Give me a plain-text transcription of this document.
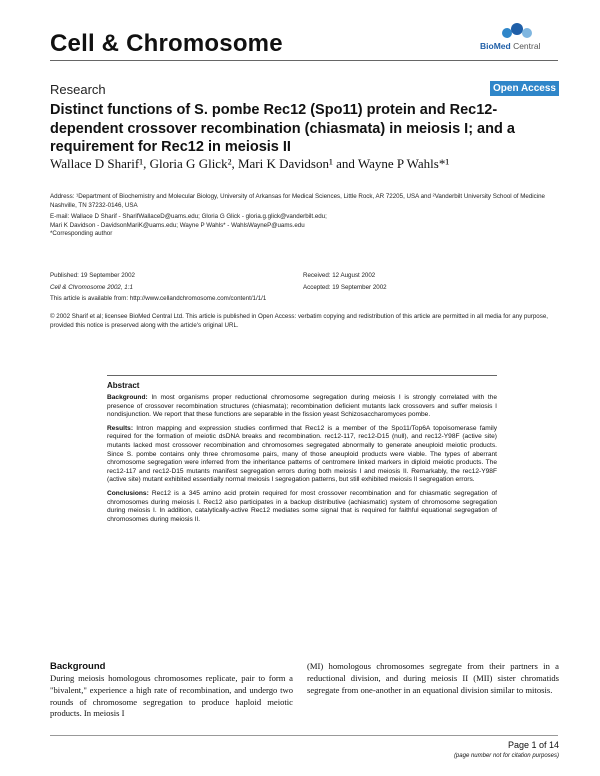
Cell & Chromosome	BioMed Central
Research	Open Access
Distinct functions of S. pombe Rec12 (Spo11) protein and Rec12-dependent crossover recombination (chiasmata) in meiosis I; and a requirement for Rec12 in meiosis II
Wallace D Sharif¹, Gloria G Glick², Mari K Davidson¹ and Wayne P Wahls*¹
Address: ¹Department of Biochemistry and Molecular Biology, University of Arkansas for Medical Sciences, Little Rock, AR 72205, USA and ²Vanderbilt University School of Medicine Nashville, TN 37232-0146, USA
E-mail: Wallace D Sharif - SharifWallaceD@uams.edu; Gloria G Glick - gloria.g.glick@vanderbilt.edu;
Mari K Davidson - DavidsonMariK@uams.edu; Wayne P Wahls* - WahlsWayneP@uams.edu
*Corresponding author
Published: 19 September 2002
Cell & Chromosome 2002, 1:1
Received: 12 August 2002
Accepted: 19 September 2002
This article is available from: http://www.cellandchromosome.com/content/1/1/1
© 2002 Sharif et al; licensee BioMed Central Ltd. This article is published in Open Access: verbatim copying and redistribution of this article are permitted in all media for any purpose, provided this notice is preserved along with the article's original URL.
Abstract

Background: In most organisms proper reductional chromosome segregation during meiosis I is strongly correlated with the presence of crossover recombination structures (chiasmata); recombination deficient mutants lack crossovers and suffer meiosis I nondisjunction. We report that these functions are separable in the fission yeast Schizosaccharomyces pombe.

Results: Intron mapping and expression studies confirmed that Rec12 is a member of the Spo11/Top6A topoisomerase family required for the formation of meiotic dsDNA breaks and recombination. rec12-117, rec12-D15 (null), and rec12-Y98F (active site) mutants lacked most crossover recombination and chromosomes segregated abnormally to generate aneuploid meiotic products. Since S. pombe contains only three chromosome pairs, many of those aneuploid products were viable. The types of aberrant chromosome segregation were inferred from the inheritance patterns of centromere linked markers in diploid meiotic products. The rec12-117 and rec12-D15 mutants manifest segregation errors during both meiosis I and meiosis II. Remarkably, the rec12-Y98F (active site) mutant exhibited essentially normal meiosis I segregation patterns, but still exhibited meiosis II segregation errors.

Conclusions: Rec12 is a 345 amino acid protein required for most crossover recombination and for chiasmatic segregation of chromosomes during meiosis I. Rec12 also participates in a backup distributive (achiasmatic) system of chromosome segregation during meiosis I. In addition, catalytically-active Rec12 mediates some signal that is required for faithful equational segregation of chromosomes during meiosis II.

Background
During meiosis homologous chromosomes replicate, pair to form a "bivalent," experience a high rate of recombination, and undergo two rounds of chromosome segregation to produce haploid meiotic products. In meiosis I
(MI) homologous chromosomes segregate from their partners in a reductional division, and during meiosis II (MII) sister chromatids segregate from one-another in an equational division similar to mitosis.
Page 1 of 14
(page number not for citation purposes)
